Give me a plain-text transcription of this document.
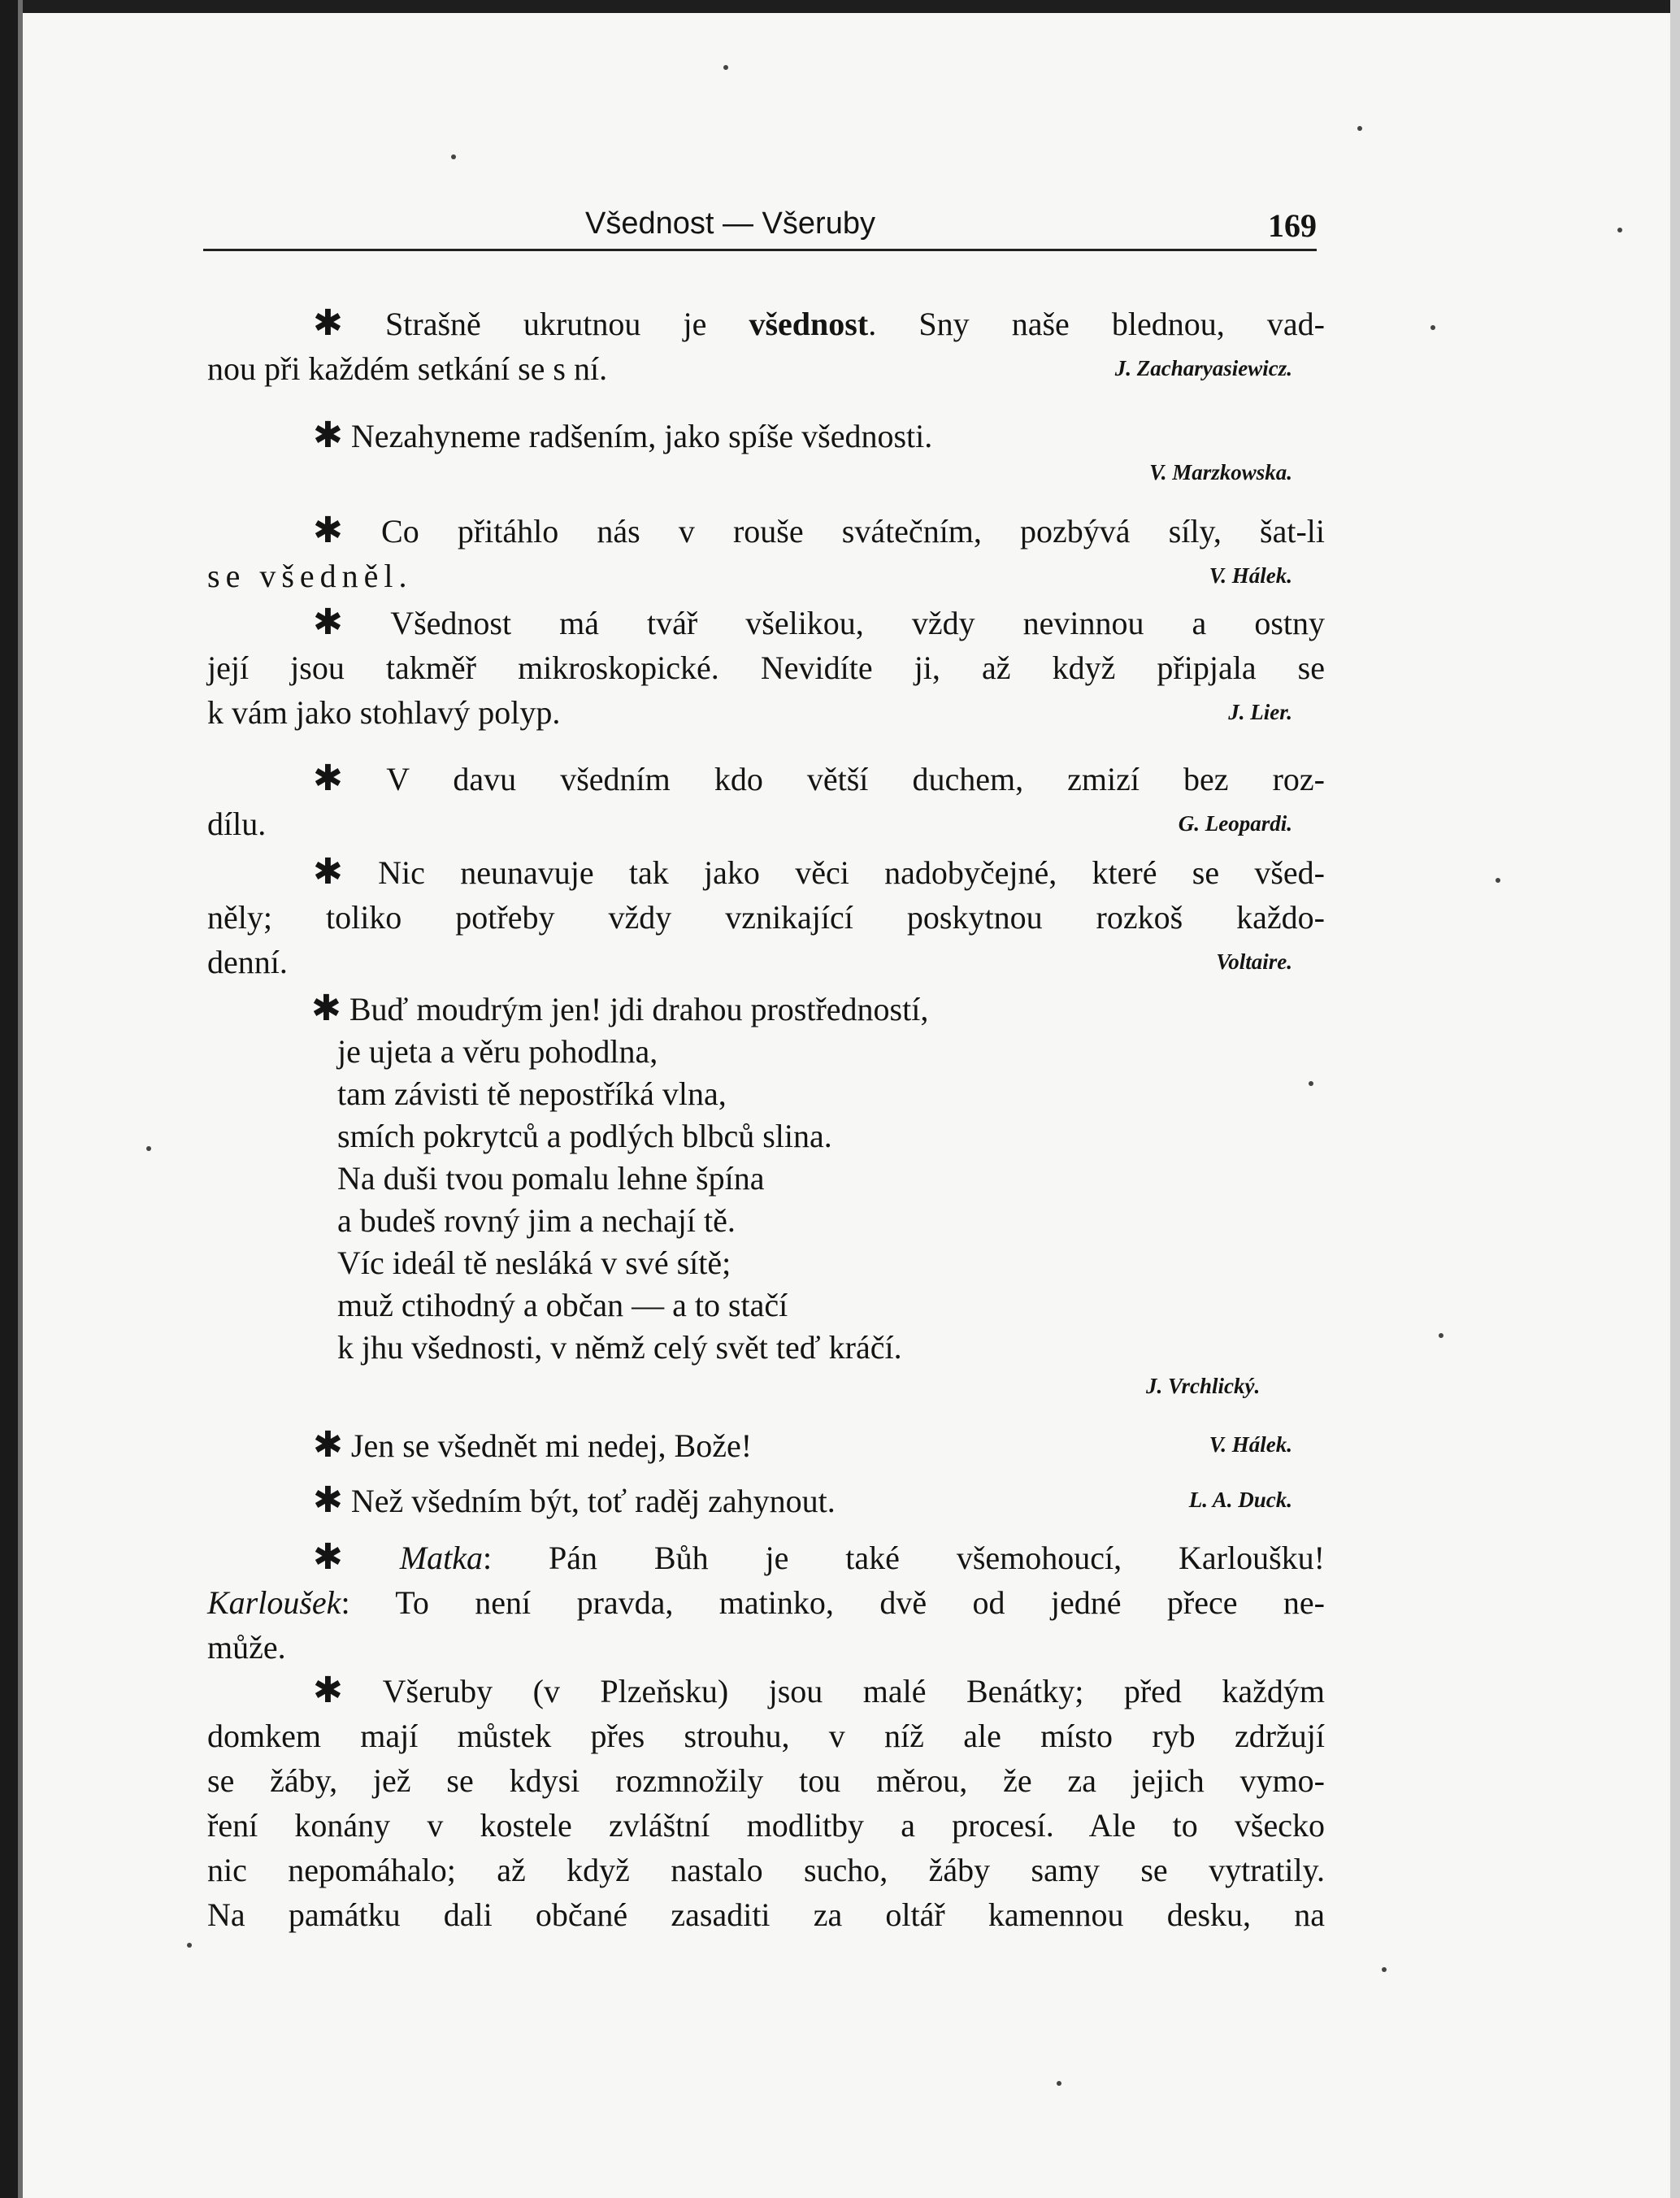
Všednost — Všeruby	169
✱ Strašně ukrutnou je všednost. Sny naše blednou, vad-
nou při každém setkání se s ní.	J. Zacharyasiewicz.
✱ Nezahyneme radšením, jako spíše všednosti.
V. Marzkowska.
✱ Co přitáhlo nás v rouše svátečním, pozbývá síly, šat-li
se všedněl.	V. Hálek.
✱ Všednost má tvář všelikou, vždy nevinnou a ostny
její jsou takměř mikroskopické. Nevidíte ji, až když připjala se
k vám jako stohlavý polyp.	J. Lier.
✱ V davu všedním kdo větší duchem, zmizí bez roz-
dílu.	G. Leopardi.
✱ Nic neunavuje tak jako věci nadobyčejné, které se všed-
něly; toliko potřeby vždy vznikající poskytnou rozkoš každo-
denní.	Voltaire.
✱ Buď moudrým jen! jdi drahou prostředností,
je ujeta a věru pohodlna,
tam závisti tě nepostříká vlna,
smích pokrytců a podlých blbců slina.
Na duši tvou pomalu lehne špína
a budeš rovný jim a nechají tě.
Víc ideál tě nesláká v své sítě;
muž ctihodný a občan — a to stačí
k jhu všednosti, v němž celý svět teď kráčí.
J. Vrchlický.
✱ Jen se všednět mi nedej, Bože!	V. Hálek.
✱ Než všedním být, toť raděj zahynout.	L. A. Duck.
✱ Matka: Pán Bůh je také všemohoucí, Karloušku!
Karloušek: To není pravda, matinko, dvě od jedné přece ne-
může.
✱ Všeruby (v Plzeňsku) jsou malé Benátky; před každým
domkem mají můstek přes strouhu, v níž ale místo ryb zdržují
se žáby, jež se kdysi rozmnožily tou měrou, že za jejich vymo-
ření konány v kostele zvláštní modlitby a procesí. Ale to všecko
nic nepomáhalo; až když nastalo sucho, žáby samy se vytratily.
Na památku dali občané zasaditi za oltář kamennou desku, na
